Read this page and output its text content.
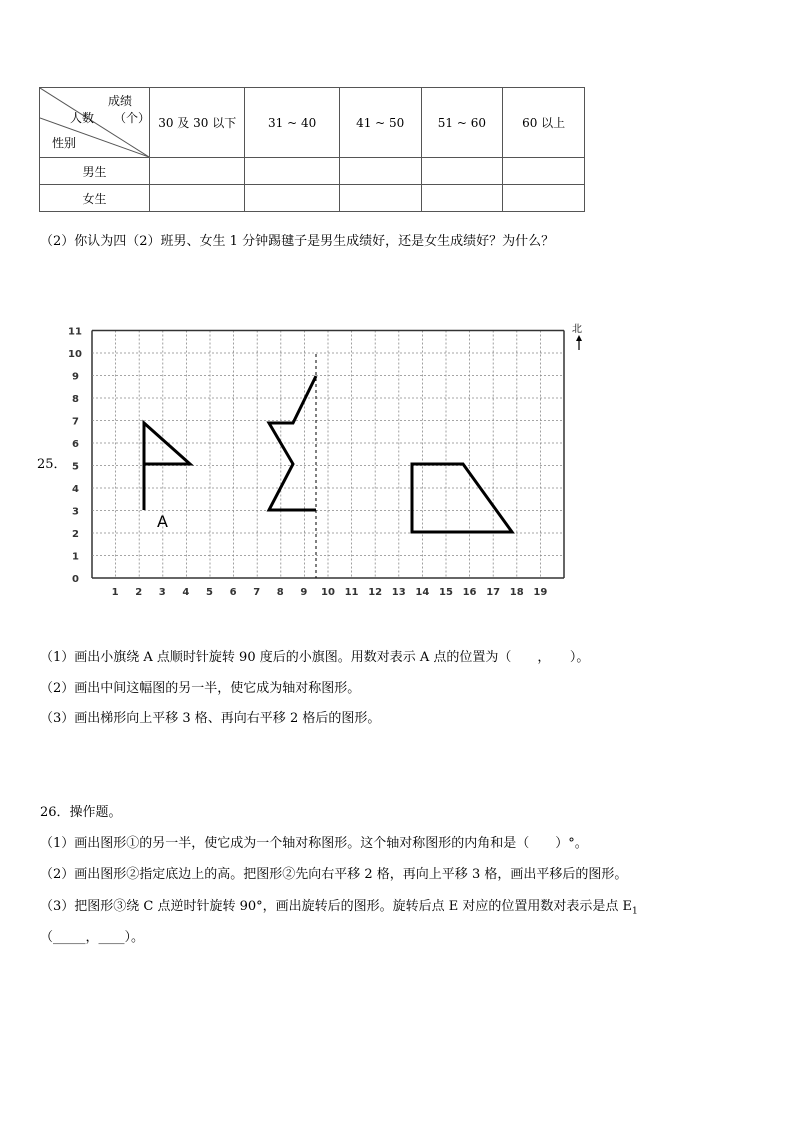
成绩
（个）
人数
性别	30 及 30 以下	31 ~ 40	41 ~ 50	51 ~ 60	60 以上
男生					
女生					
（2）你认为四（2）班男、女生 1 分钟踢毽子是男生成绩好，还是女生成绩好？为什么？
25．
1 2 3 4 5 6 7 8 9 10 11 12 13 14 15 16 17 18 19
0
1
2
3
4
5
6
7
8
9
10
11
A
北
（1）画出小旗绕 A 点顺时针旋转 90 度后的小旗图。用数对表示 A 点的位置为（　　，　　）。
（2）画出中间这幅图的另一半，使它成为轴对称图形。
（3）画出梯形向上平移 3 格、再向右平移 2 格后的图形。
26．操作题。
（1）画出图形①的另一半，使它成为一个轴对称图形。这个轴对称图形的内角和是（　　）°。
（2）画出图形②指定底边上的高。把图形②先向右平移 2 格，再向上平移 3 格，画出平移后的图形。
（3）把图形③绕 C 点逆时针旋转 90°，画出旋转后的图形。旋转后点 E 对应的位置用数对表示是点 $E_1$
（_____，____）。
